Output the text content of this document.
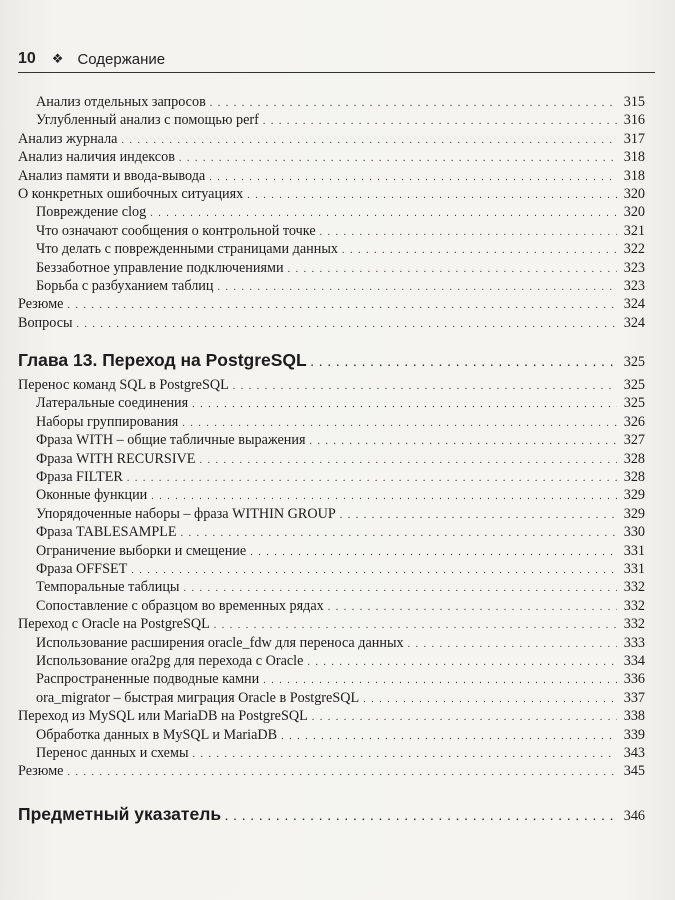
10 ❖ Содержание
Анализ отдельных запросов . . .	315
Углубленный анализ с помощью perf . . .	316
Анализ журнала . . .	317
Анализ наличия индексов . . .	318
Анализ памяти и ввода-вывода . . .	318
О конкретных ошибочных ситуациях . . .	320
Повреждение clog . . .	320
Что означают сообщения о контрольной точке . . .	321
Что делать с поврежденными страницами данных . . .	322
Беззаботное управление подключениями . . .	323
Борьба с разбуханием таблиц . . .	323
Резюме . . .	324
Вопросы . . .	324
Глава 13. Переход на PostgreSQL . . .	325
Перенос команд SQL в PostgreSQL . . .	325
Латеральные соединения . . .	325
Наборы группирования . . .	326
Фраза WITH – общие табличные выражения . . .	327
Фраза WITH RECURSIVE . . .	328
Фраза FILTER . . .	328
Оконные функции . . .	329
Упорядоченные наборы – фраза WITHIN GROUP . . .	329
Фраза TABLESAMPLE . . .	330
Ограничение выборки и смещение . . .	331
Фраза OFFSET . . .	331
Темпоральные таблицы . . .	332
Сопоставление с образцом во временных рядах . . .	332
Переход с Oracle на PostgreSQL . . .	332
Использование расширения oracle_fdw для переноса данных . . .	333
Использование ora2pg для перехода с Oracle . . .	334
Распространенные подводные камни . . .	336
ora_migrator – быстрая миграция Oracle в PostgreSQL . . .	337
Переход из MySQL или MariaDB на PostgreSQL . . .	338
Обработка данных в MySQL и MariaDB . . .	339
Перенос данных и схемы . . .	343
Резюме . . .	345
Предметный указатель . . .	346
